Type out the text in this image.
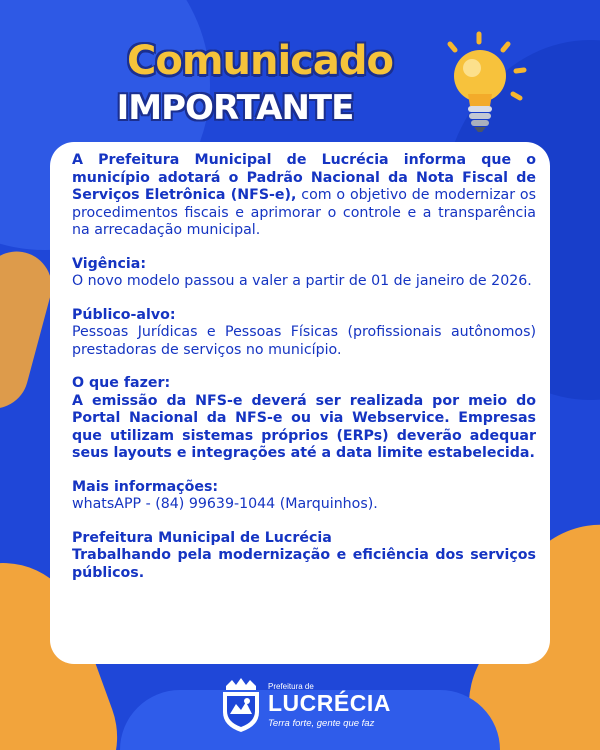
Comunicado
IMPORTANTE

A Prefeitura Municipal de Lucrécia informa que o município adotará o Padrão Nacional da Nota Fiscal de Serviços Eletrônica (NFS-e), com o objetivo de modernizar os procedimentos fiscais e aprimorar o controle e a transparência na arrecadação municipal.

Vigência:
O novo modelo passou a valer a partir de 01 de janeiro de 2026.

Público-alvo:
Pessoas Jurídicas e Pessoas Físicas (profissionais autônomos) prestadoras de serviços no município.

O que fazer:
A emissão da NFS-e deverá ser realizada por meio do Portal Nacional da NFS-e ou via Webservice. Empresas que utilizam sistemas próprios (ERPs) deverão adequar seus layouts e integrações até a data limite estabelecida.

Mais informações:
whatsAPP - (84) 99639-1044 (Marquinhos).

Prefeitura Municipal de Lucrécia
Trabalhando pela modernização e eficiência dos serviços públicos.

Prefeitura de
LUCRÉCIA
Terra forte, gente que faz
